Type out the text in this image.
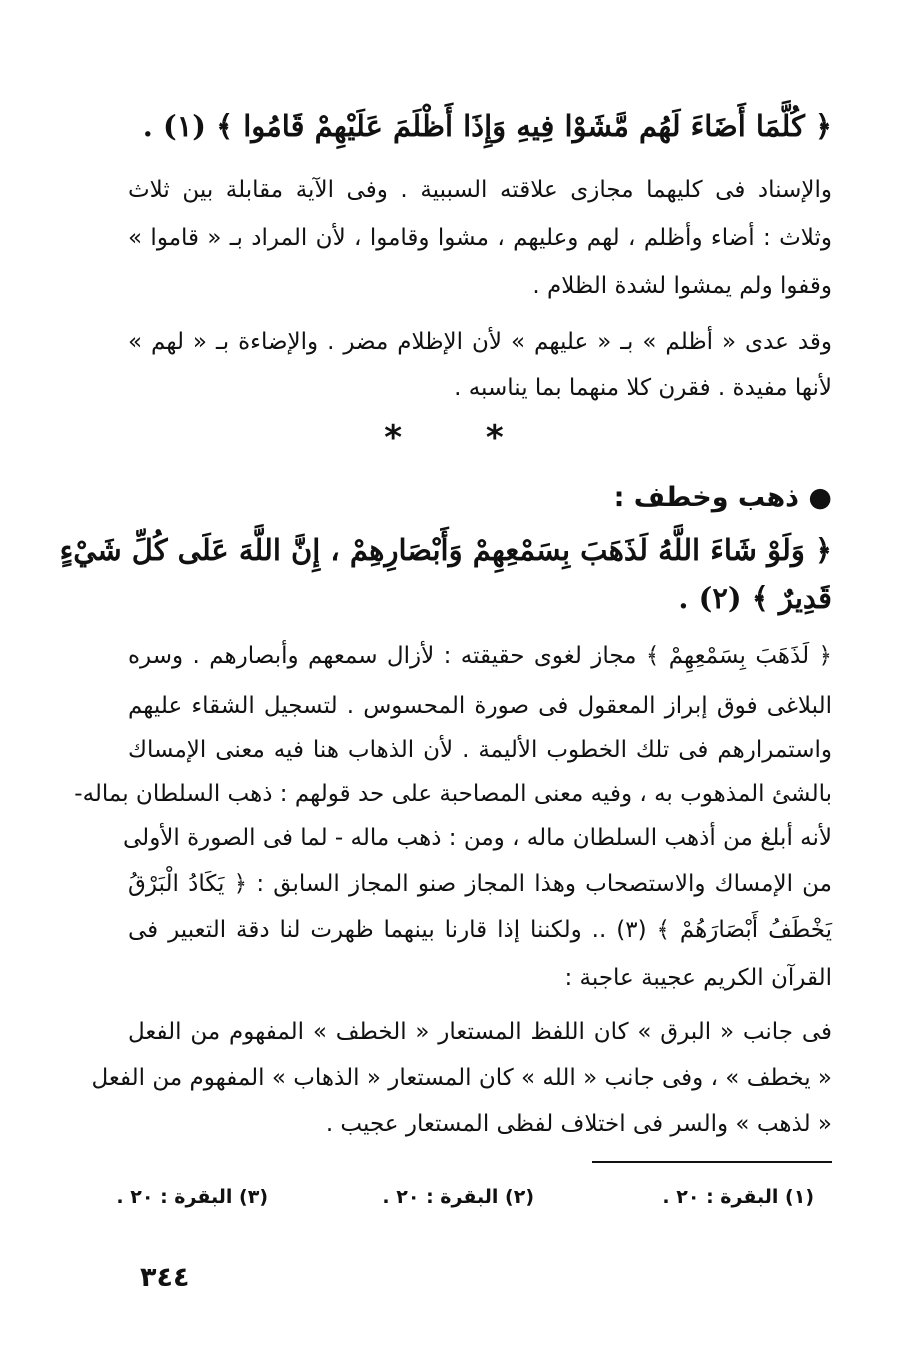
﴿ كُلَّمَا أَضَاءَ لَهُم مَّشَوْا فِيهِ وَإِذَا أَظْلَمَ عَلَيْهِمْ قَامُوا ﴾ (١) .
والإسناد فى كليهما مجازى علاقته السببية . وفى الآية مقابلة بين ثلاث
وثلاث : أضاء وأظلم ، لهم وعليهم ، مشوا وقاموا ، لأن المراد بـ « قاموا »
وقفوا ولم يمشوا لشدة الظلام .
وقد عدى « أظلم » بـ « عليهم » لأن الإظلام مضر . والإضاءة بـ « لهم »
لأنها مفيدة . فقرن كلا منهما بما يناسبه .
* *
● ذهب وخطف :
﴿ وَلَوْ شَاءَ اللَّهُ لَذَهَبَ بِسَمْعِهِمْ وَأَبْصَارِهِمْ ، إِنَّ اللَّهَ عَلَى كُلِّ شَيْءٍ
قَدِيرٌ ﴾ (٢) .
﴿ لَذَهَبَ بِسَمْعِهِمْ ﴾ مجاز لغوى حقيقته : لأزال سمعهم وأبصارهم . وسره
البلاغى فوق إبراز المعقول فى صورة المحسوس . لتسجيل الشقاء عليهم
واستمرارهم فى تلك الخطوب الأليمة . لأن الذهاب هنا فيه معنى الإمساك
بالشئ المذهوب به ، وفيه معنى المصاحبة على حد قولهم : ذهب السلطان بماله-
لأنه أبلغ من أذهب السلطان ماله ، ومن : ذهب ماله - لما فى الصورة الأولى
من الإمساك والاستصحاب وهذا المجاز صنو المجاز السابق : ﴿ يَكَادُ الْبَرْقُ
يَخْطَفُ أَبْصَارَهُمْ ﴾ (٣) .. ولكننا إذا قارنا بينهما ظهرت لنا دقة التعبير فى
القرآن الكريم عجيبة عاجبة :
فى جانب « البرق » كان اللفظ المستعار « الخطف » المفهوم من الفعل
« يخطف » ، وفى جانب « الله » كان المستعار « الذهاب » المفهوم من الفعل
« لذهب » والسر فى اختلاف لفظى المستعار عجيب .
(١) البقرة : ٢٠ .
(٢) البقرة : ٢٠ .
(٣) البقرة : ٢٠ .
٣٤٤
